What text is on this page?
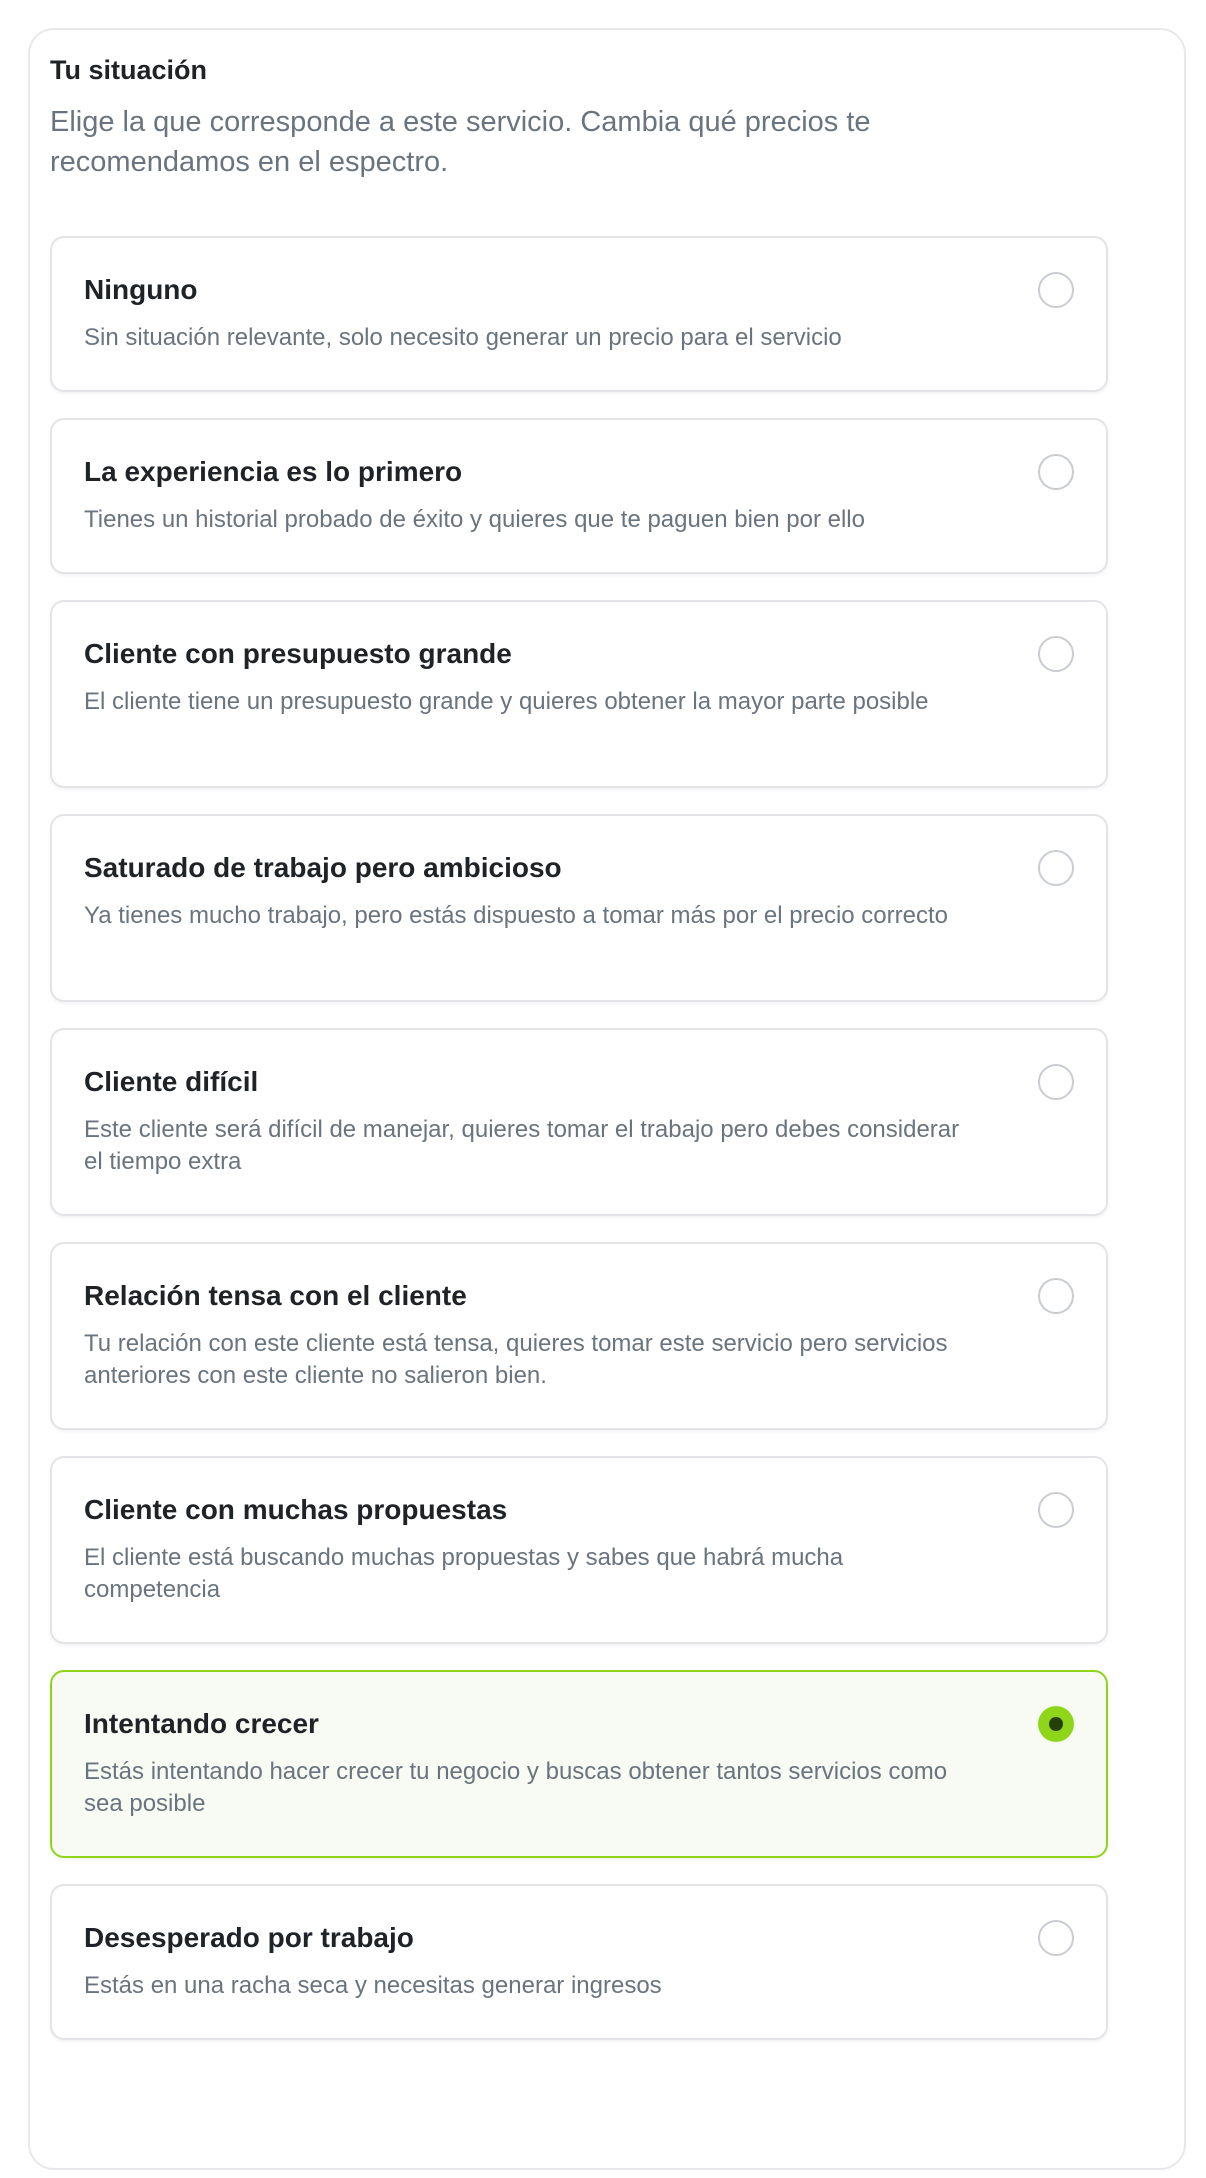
Tu situación
Elige la que corresponde a este servicio. Cambia qué precios te recomendamos en el espectro.
Ninguno
Sin situación relevante, solo necesito generar un precio para el servicio
La experiencia es lo primero
Tienes un historial probado de éxito y quieres que te paguen bien por ello
Cliente con presupuesto grande
El cliente tiene un presupuesto grande y quieres obtener la mayor parte posible
Saturado de trabajo pero ambicioso
Ya tienes mucho trabajo, pero estás dispuesto a tomar más por el precio correcto
Cliente difícil
Este cliente será difícil de manejar, quieres tomar el trabajo pero debes considerar el tiempo extra
Relación tensa con el cliente
Tu relación con este cliente está tensa, quieres tomar este servicio pero servicios anteriores con este cliente no salieron bien.
Cliente con muchas propuestas
El cliente está buscando muchas propuestas y sabes que habrá mucha competencia
Intentando crecer
Estás intentando hacer crecer tu negocio y buscas obtener tantos servicios como sea posible
Desesperado por trabajo
Estás en una racha seca y necesitas generar ingresos
